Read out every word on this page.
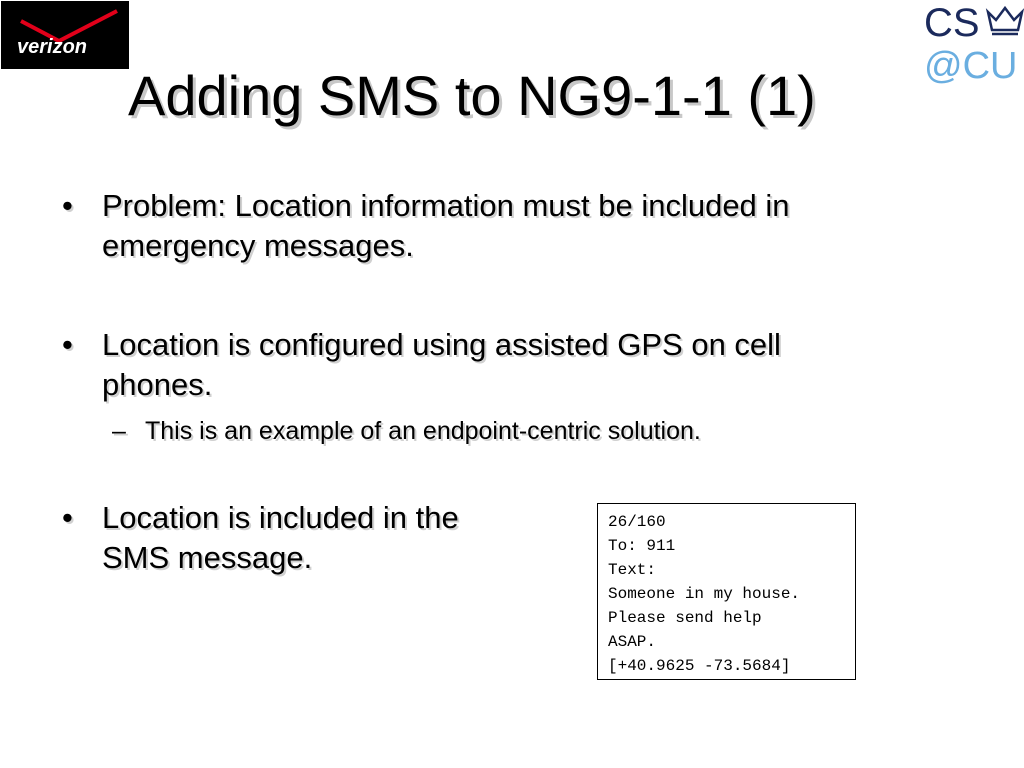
verizon
CS
@CU
Adding SMS to NG9-1-1 (1)
• Problem: Location information must be included in
emergency messages.
• Location is configured using assisted GPS on cell
phones.
– This is an example of an endpoint-centric solution.
• Location is included in the
SMS message.
26/160
To: 911
Text:
Someone in my house.
Please send help
ASAP.
[+40.9625 -73.5684]
